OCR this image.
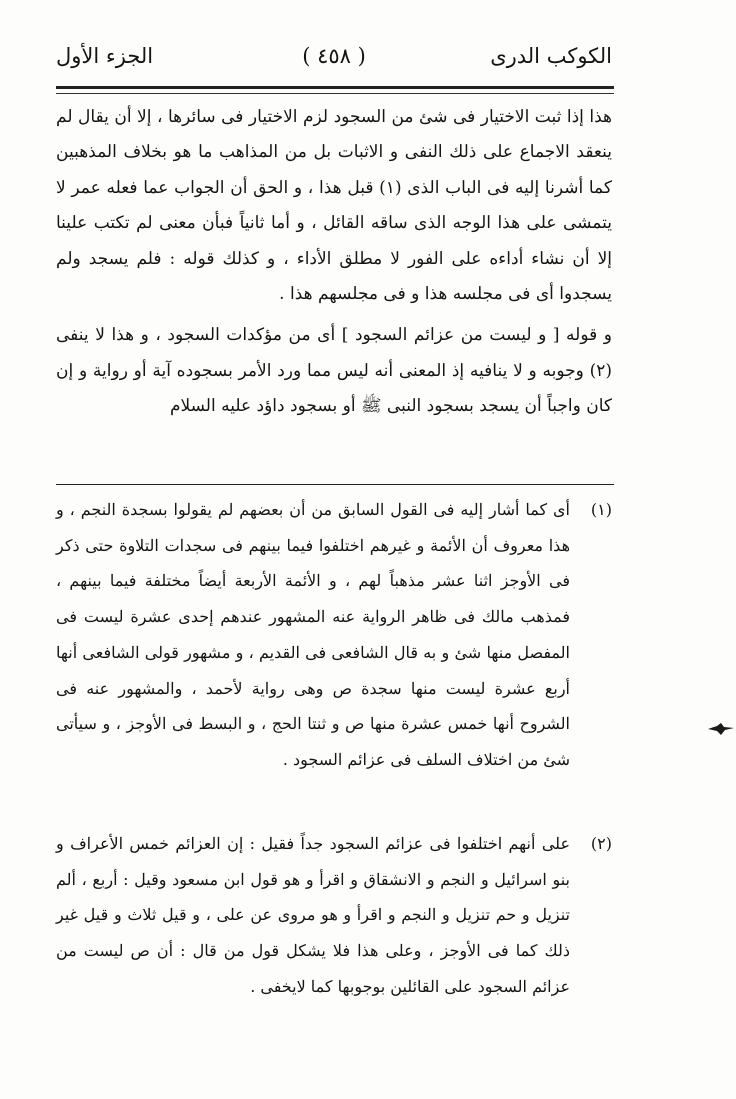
الكوكب الدرى
( ٤٥٨ )
الجزء الأول

هذا إذا ثبت الاختيار فى شئ من السجود لزم الاختيار فى سائرها ، إلا أن يقال لم ينعقد الاجماع على ذلك النفى و الاثبات بل من المذاهب ما هو بخلاف المذهبين كما أشرنا إليه فى الباب الذى (١) قبل هذا ، و الحق أن الجواب عما فعله عمر لا يتمشى على هذا الوجه الذى ساقه القائل ، و أما ثانياً فبأن معنى لم تكتب علينا إلا أن نشاء أداءه على الفور لا مطلق الأداء ، و كذلك قوله : فلم يسجد ولم يسجدوا أى فى مجلسه هذا و فى مجلسهم هذا .

و قوله [ و ليست من عزائم السجود ] أى من مؤكدات السجود ، و هذا لا ينفى (٢) وجوبه و لا ينافيه إذ المعنى أنه ليس مما ورد الأمر بسجوده آية أو رواية و إن كان واجباً أن يسجد بسجود النبى ﷺ أو بسجود داؤد عليه السلام

(١)
أى كما أشار إليه فى القول السابق من أن بعضهم لم يقولوا بسجدة النجم ، و هذا معروف أن الأئمة و غيرهم اختلفوا فيما بينهم فى سجدات التلاوة حتى ذكر فى الأوجز اثنا عشر مذهباً لهم ، و الأئمة الأربعة أيضاً مختلفة فيما بينهم ، فمذهب مالك فى ظاهر الرواية عنه المشهور عندهم إحدى عشرة ليست فى المفصل منها شئ و به قال الشافعى فى القديم ، و مشهور قولى الشافعى أنها أربع عشرة ليست منها سجدة ص وهى رواية لأحمد ، والمشهور عنه فى الشروح أنها خمس عشرة منها ص و ثنتا الحج ، و البسط فى الأوجز ، و سيأتى شئ من اختلاف السلف فى عزائم السجود .
(٢)
على أنهم اختلفوا فى عزائم السجود جداً فقيل : إن العزائم خمس الأعراف و بنو اسرائيل و النجم و الانشقاق و اقرأ و هو قول ابن مسعود وقيل : أربع ، ألم تنزيل و حم تنزيل و النجم و اقرأ و هو مروى عن على ، و قيل ثلاث و قيل غير ذلك كما فى الأوجز ، وعلى هذا فلا يشكل قول من قال : أن ص ليست من عزائم السجود على القائلين بوجوبها كما لايخفى .
